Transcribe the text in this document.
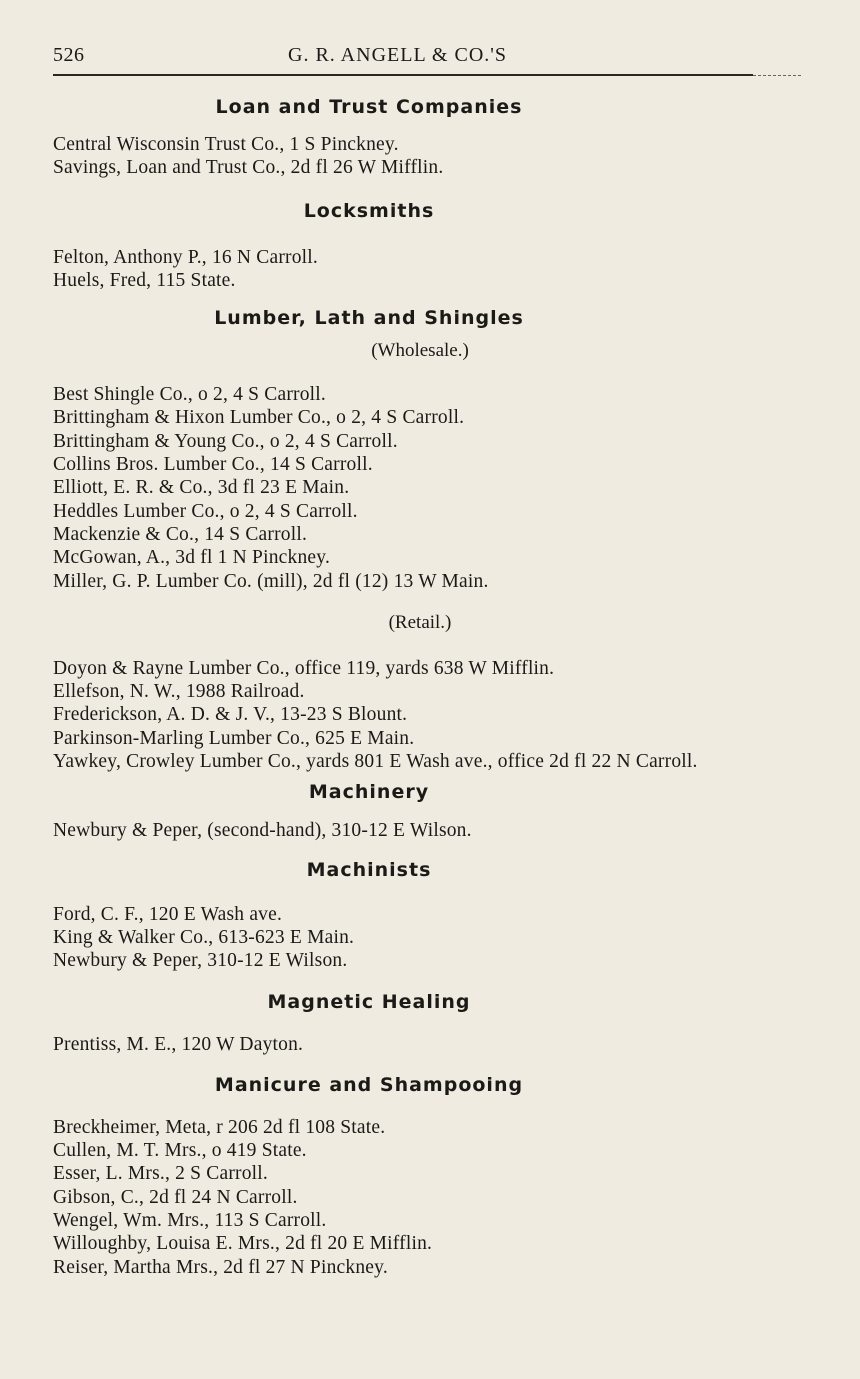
526	G. R. ANGELL & CO.'S
Loan and Trust Companies
Central Wisconsin Trust Co., 1 S Pinckney.
Savings, Loan and Trust Co., 2d fl 26 W Mifflin.
Locksmiths
Felton, Anthony P., 16 N Carroll.
Huels, Fred, 115 State.
Lumber, Lath and Shingles
(Wholesale.)
Best Shingle Co., o 2, 4 S Carroll.
Brittingham & Hixon Lumber Co., o 2, 4 S Carroll.
Brittingham & Young Co., o 2, 4 S Carroll.
Collins Bros. Lumber Co., 14 S Carroll.
Elliott, E. R. & Co., 3d fl 23 E Main.
Heddles Lumber Co., o 2, 4 S Carroll.
Mackenzie & Co., 14 S Carroll.
McGowan, A., 3d fl 1 N Pinckney.
Miller, G. P. Lumber Co. (mill), 2d fl (12) 13 W Main.
(Retail.)
Doyon & Rayne Lumber Co., office 119, yards 638 W Mifflin.
Ellefson, N. W., 1988 Railroad.
Frederickson, A. D. & J. V., 13-23 S Blount.
Parkinson-Marling Lumber Co., 625 E Main.
Yawkey, Crowley Lumber Co., yards 801 E Wash ave., office 2d fl 22 N Carroll.
Machinery
Newbury & Peper, (second-hand), 310-12 E Wilson.
Machinists
Ford, C. F., 120 E Wash ave.
King & Walker Co., 613-623 E Main.
Newbury & Peper, 310-12 E Wilson.
Magnetic Healing
Prentiss, M. E., 120 W Dayton.
Manicure and Shampooing
Breckheimer, Meta, r 206 2d fl 108 State.
Cullen, M. T. Mrs., o 419 State.
Esser, L. Mrs., 2 S Carroll.
Gibson, C., 2d fl 24 N Carroll.
Wengel, Wm. Mrs., 113 S Carroll.
Willoughby, Louisa E. Mrs., 2d fl 20 E Mifflin.
Reiser, Martha Mrs., 2d fl 27 N Pinckney.
